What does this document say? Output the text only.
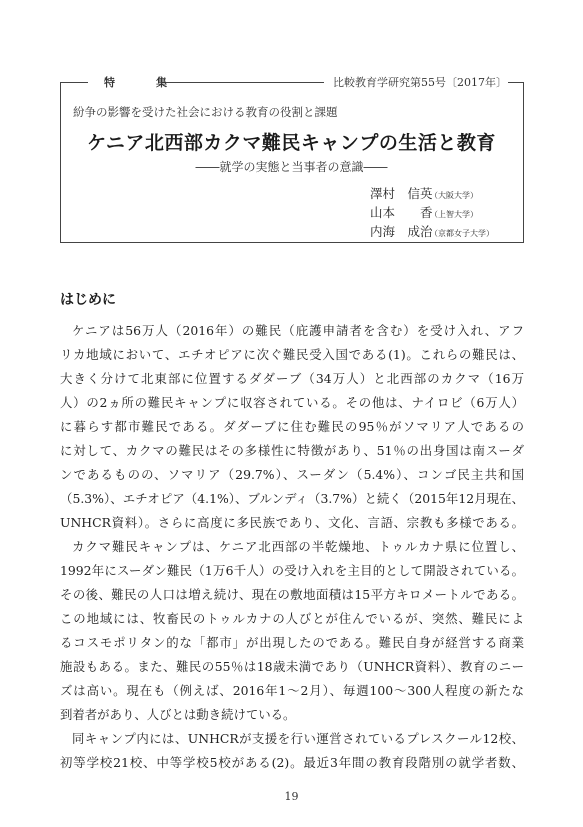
特　集	比較教育学研究第55号〔2017年〕
紛争の影響を受けた社会における教育の役割と課題
ケニア北西部カクマ難民キャンプの生活と教育
――就学の実態と当事者の意識――
澤村　信英（大阪大学）
山本　　香（上智大学）
内海　成治（京都女子大学）
はじめに
ケニアは56万人（2016年）の難民（庇護申請者を含む）を受け入れ、アフ
リカ地域において、エチオピアに次ぐ難民受入国である(1)。これらの難民は、
大きく分けて北東部に位置するダダーブ（34万人）と北西部のカクマ（16万
人）の2ヵ所の難民キャンプに収容されている。その他は、ナイロビ（6万人）
に暮らす都市難民である。ダダーブに住む難民の95％がソマリア人であるの
に対して、カクマの難民はその多様性に特徴があり、51％の出身国は南スーダ
ンであるものの、ソマリア（29.7%）、スーダン（5.4%）、コンゴ民主共和国
（5.3%）、エチオピア（4.1%）、ブルンディ（3.7%）と続く（2015年12月現在、
UNHCR資料）。さらに高度に多民族であり、文化、言語、宗教も多様である。
カクマ難民キャンプは、ケニア北西部の半乾燥地、トゥルカナ県に位置し、
1992年にスーダン難民（1万6千人）の受け入れを主目的として開設されている。
その後、難民の人口は増え続け、現在の敷地面積は15平方キロメートルである。
この地域には、牧畜民のトゥルカナの人びとが住んでいるが、突然、難民によ
るコスモポリタン的な「都市」が出現したのである。難民自身が経営する商業
施設もある。また、難民の55％は18歳未満であり（UNHCR資料）、教育のニー
ズは高い。現在も（例えば、2016年1〜2月）、毎週100〜300人程度の新たな
到着者があり、人びとは動き続けている。
同キャンプ内には、UNHCRが支援を行い運営されているプレスクール12校、
初等学校21校、中等学校5校がある(2)。最近3年間の教育段階別の就学者数、
19
